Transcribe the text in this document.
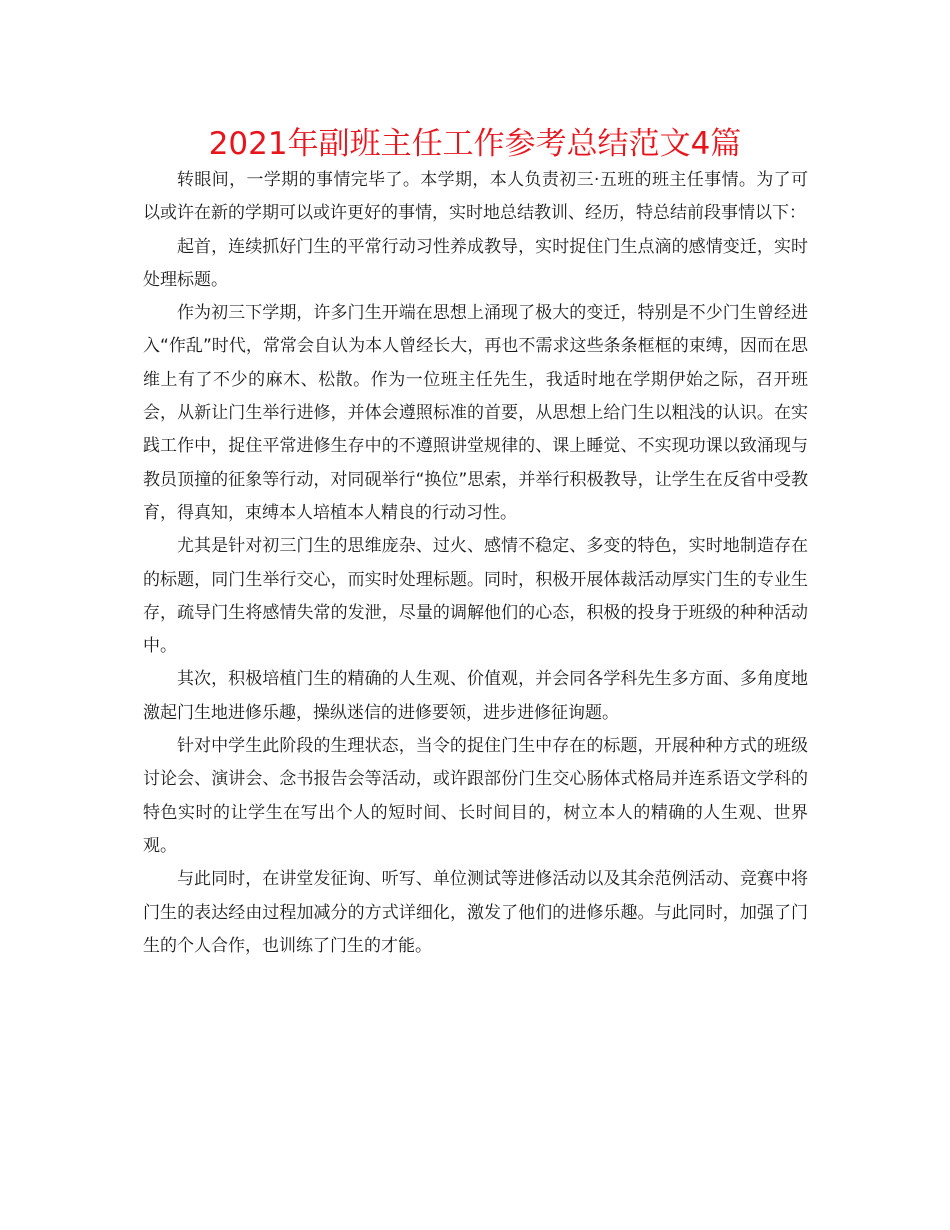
2021年副班主任工作参考总结范文4篇

转眼间，一学期的事情完毕了。本学期，本人负责初三·五班的班主任事情。为了可以或许在新的学期可以或许更好的事情，实时地总结教训、经历，特总结前段事情以下：

起首，连续抓好门生的平常行动习性养成教导，实时捉住门生点滴的感情变迁，实时处理标题。

作为初三下学期，许多门生开端在思想上涌现了极大的变迁，特别是不少门生曾经进入“作乱”时代，常常会自认为本人曾经长大，再也不需求这些条条框框的束缚，因而在思维上有了不少的麻木、松散。作为一位班主任先生，我适时地在学期伊始之际，召开班会，从新让门生举行进修，并体会遵照标准的首要，从思想上给门生以粗浅的认识。在实践工作中，捉住平常进修生存中的不遵照讲堂规律的、课上睡觉、不实现功课以致涌现与教员顶撞的征象等行动，对同砚举行“换位”思索，并举行积极教导，让学生在反省中受教育，得真知，束缚本人培植本人精良的行动习性。

尤其是针对初三门生的思维庞杂、过火、感情不稳定、多变的特色，实时地制造存在的标题，同门生举行交心，而实时处理标题。同时，积极开展体裁活动厚实门生的专业生存，疏导门生将感情失常的发泄，尽量的调解他们的心态，积极的投身于班级的种种活动中。

其次，积极培植门生的精确的人生观、价值观，并会同各学科先生多方面、多角度地激起门生地进修乐趣，操纵迷信的进修要领，进步进修征询题。

针对中学生此阶段的生理状态，当令的捉住门生中存在的标题，开展种种方式的班级讨论会、演讲会、念书报告会等活动，或许跟部份门生交心肠体式格局并连系语文学科的特色实时的让学生在写出个人的短时间、长时间目的，树立本人的精确的人生观、世界观。

与此同时，在讲堂发征询、听写、单位测试等进修活动以及其余范例活动、竞赛中将门生的表达经由过程加减分的方式详细化，激发了他们的进修乐趣。与此同时，加强了门生的个人合作，也训练了门生的才能。
